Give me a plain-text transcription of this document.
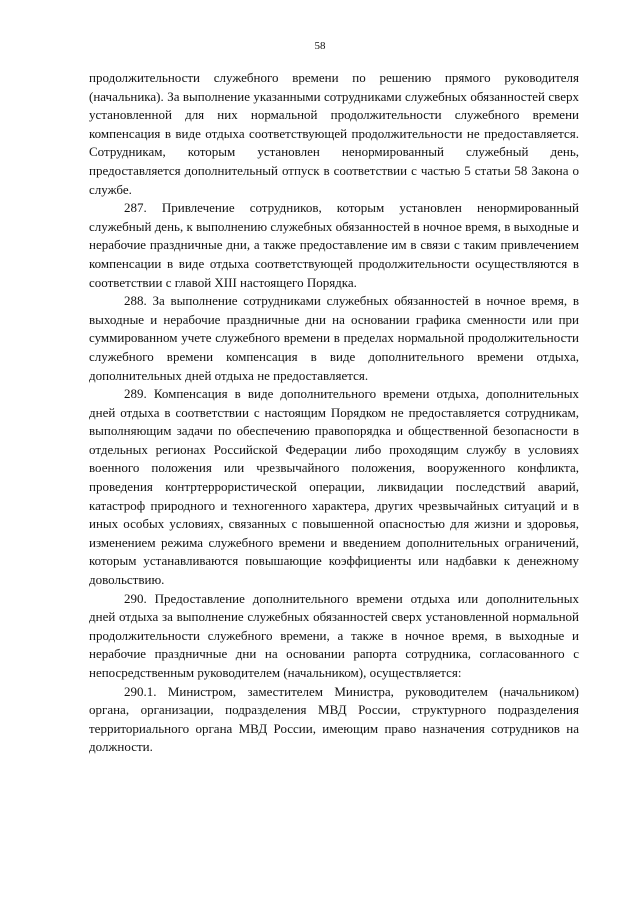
58

продолжительности служебного времени по решению прямого руководителя (начальника). За выполнение указанными сотрудниками служебных обязанностей сверх установленной для них нормальной продолжительности служебного времени компенсация в виде отдыха соответствующей продолжительности не предоставляется. Сотрудникам, которым установлен ненормированный служебный день, предоставляется дополнительный отпуск в соответствии с частью 5 статьи 58 Закона о службе.

287. Привлечение сотрудников, которым установлен ненормированный служебный день, к выполнению служебных обязанностей в ночное время, в выходные и нерабочие праздничные дни, а также предоставление им в связи с таким привлечением компенсации в виде отдыха соответствующей продолжительности осуществляются в соответствии с главой XIII настоящего Порядка.

288. За выполнение сотрудниками служебных обязанностей в ночное время, в выходные и нерабочие праздничные дни на основании графика сменности или при суммированном учете служебного времени в пределах нормальной продолжительности служебного времени компенсация в виде дополнительного времени отдыха, дополнительных дней отдыха не предоставляется.

289. Компенсация в виде дополнительного времени отдыха, дополнительных дней отдыха в соответствии с настоящим Порядком не предоставляется сотрудникам, выполняющим задачи по обеспечению правопорядка и общественной безопасности в отдельных регионах Российской Федерации либо проходящим службу в условиях военного положения или чрезвычайного положения, вооруженного конфликта, проведения контртеррористической операции, ликвидации последствий аварий, катастроф природного и техногенного характера, других чрезвычайных ситуаций и в иных особых условиях, связанных с повышенной опасностью для жизни и здоровья, изменением режима служебного времени и введением дополнительных ограничений, которым устанавливаются повышающие коэффициенты или надбавки к денежному довольствию.

290. Предоставление дополнительного времени отдыха или дополнительных дней отдыха за выполнение служебных обязанностей сверх установленной нормальной продолжительности служебного времени, а также в ночное время, в выходные и нерабочие праздничные дни на основании рапорта сотрудника, согласованного с непосредственным руководителем (начальником), осуществляется:

290.1. Министром, заместителем Министра, руководителем (начальником) органа, организации, подразделения МВД России, структурного подразделения территориального органа МВД России, имеющим право назначения сотрудников на должности.
